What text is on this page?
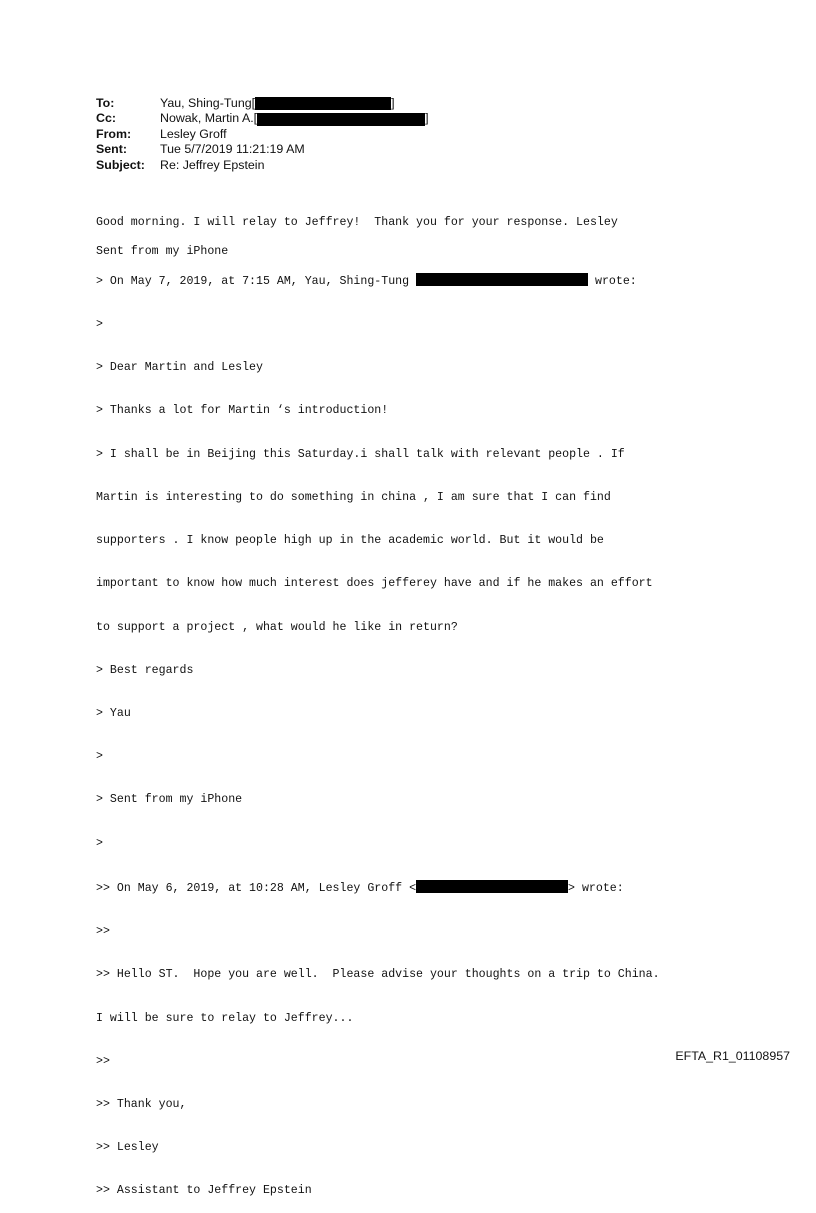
To:	Yau, Shing-Tung[	]
Cc:	Nowak, Martin A.[	]
From:	Lesley Groff
Sent:	Tue 5/7/2019 11:21:19 AM
Subject:	Re: Jeffrey Epstein

Good morning. I will relay to Jeffrey!  Thank you for your response. Lesley

Sent from my iPhone

> On May 7, 2019, at 7:15 AM, Yau, Shing-Tung	wrote:

>

> Dear Martin and Lesley

> Thanks a lot for Martin ‘s introduction!

> I shall be in Beijing this Saturday.i shall talk with relevant people . If

Martin is interesting to do something in china , I am sure that I can find

supporters . I know people high up in the academic world. But it would be

important to know how much interest does jefferey have and if he makes an effort

to support a project , what would he like in return?

> Best regards

> Yau

>

> Sent from my iPhone

>

>> On May 6, 2019, at 10:28 AM, Lesley Groff <	> wrote:

>>

>> Hello ST.  Hope you are well.  Please advise your thoughts on a trip to China.

I will be sure to relay to Jeffrey...

>>

>> Thank you,

>> Lesley

>> Assistant to Jeffrey Epstein

EFTA_R1_01108957
